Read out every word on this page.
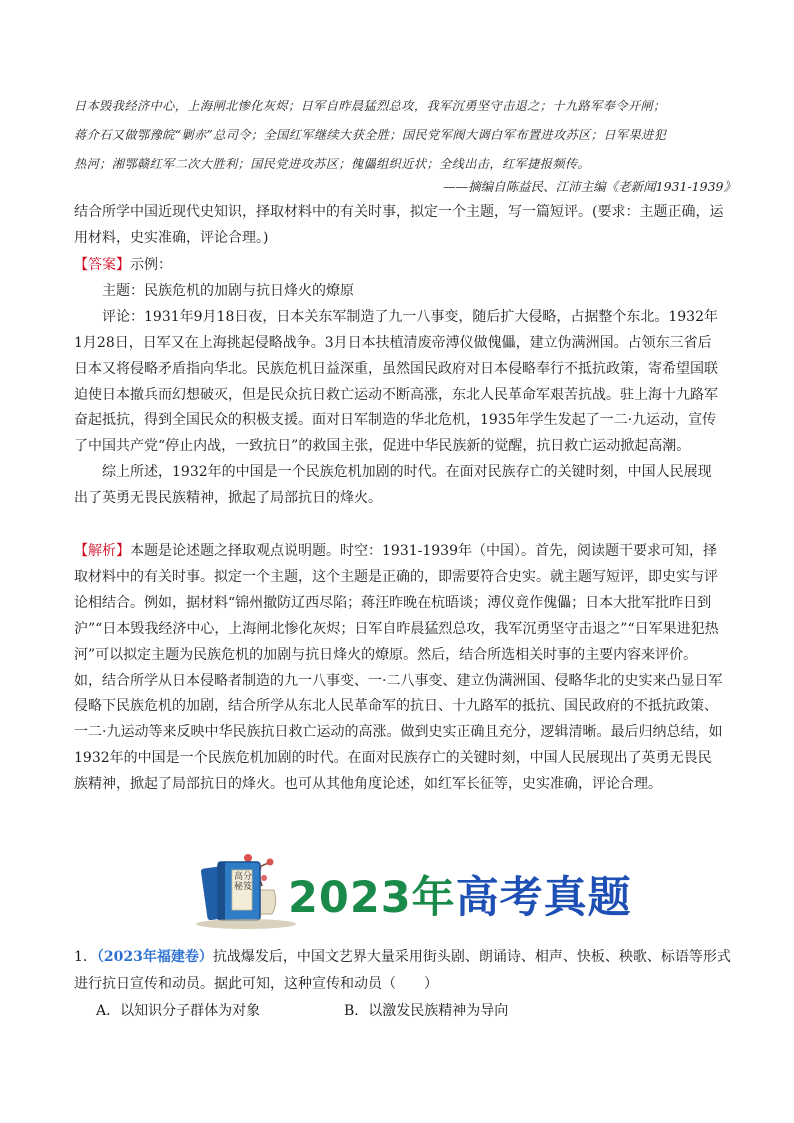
日本毁我经济中心，上海闸北惨化灰烬；日军自昨晨猛烈总攻，我军沉勇坚守击退之；十九路军奉令开闸；

蒋介石又做鄂豫皖“剿赤”总司令；全国红军继续大获全胜；国民党军阀大调白军布置进攻苏区；日军果进犯

热河；湘鄂赣红军二次大胜利；国民党进攻苏区；傀儡组织近状；全线出击，红军捷报频传。

——摘编自陈益民、江沛主编《老新闻1931-1939》

结合所学中国近现代史知识，择取材料中的有关时事，拟定一个主题，写一篇短评。(要求：主题正确，运用材料，史实准确，评论合理。)

【答案】示例：

主题：民族危机的加剧与抗日烽火的燎原

评论：1931年9月18日夜，日本关东军制造了九一八事变，随后扩大侵略，占据整个东北。1932年1月28日，日军又在上海挑起侵略战争。3月日本扶植清废帝溥仪做傀儡，建立伪满洲国。占领东三省后日本又将侵略矛盾指向华北。民族危机日益深重，虽然国民政府对日本侵略奉行不抵抗政策，寄希望国联迫使日本撤兵而幻想破灭，但是民众抗日救亡运动不断高涨，东北人民革命军艰苦抗战。驻上海十九路军奋起抵抗，得到全国民众的积极支援。面对日军制造的华北危机，1935年学生发起了一二·九运动，宣传了中国共产党“停止内战，一致抗日”的救国主张，促进中华民族新的觉醒，抗日救亡运动掀起高潮。

综上所述，1932年的中国是一个民族危机加剧的时代。在面对民族存亡的关键时刻，中国人民展现出了英勇无畏民族精神，掀起了局部抗日的烽火。

【解析】本题是论述题之择取观点说明题。时空：1931-1939年（中国）。首先，阅读题干要求可知，择取材料中的有关时事。拟定一个主题，这个主题是正确的，即需要符合史实。就主题写短评，即史实与评论相结合。例如，据材料“锦州撤防辽西尽陷；蒋汪昨晚在杭晤谈；溥仪竟作傀儡；日本大批军批昨日到沪”“日本毁我经济中心，上海闸北惨化灰烬；日军自昨晨猛烈总攻，我军沉勇坚守击退之”“日军果进犯热河”可以拟定主题为民族危机的加剧与抗日烽火的燎原。然后，结合所选相关时事的主要内容来评价。如，结合所学从日本侵略者制造的九一八事变、一·二八事变、建立伪满洲国、侵略华北的史实来凸显日军侵略下民族危机的加剧，结合所学从东北人民革命军的抗日、十九路军的抵抗、国民政府的不抵抗政策、一二·九运动等来反映中华民族抗日救亡运动的高涨。做到史实正确且充分，逻辑清晰。最后归纳总结，如1932年的中国是一个民族危机加剧的时代。在面对民族存亡的关键时刻，中国人民展现出了英勇无畏民族精神，掀起了局部抗日的烽火。也可从其他角度论述，如红军长征等，史实准确，评论合理。

高分秘笈 2023年高考真题

1．（2023年福建卷）抗战爆发后，中国文艺界大量采用街头剧、朗诵诗、相声、快板、秧歌、标语等形式进行抗日宣传和动员。据此可知，这种宣传和动员（　　）

A．以知识分子群体为对象	B．以激发民族精神为导向
